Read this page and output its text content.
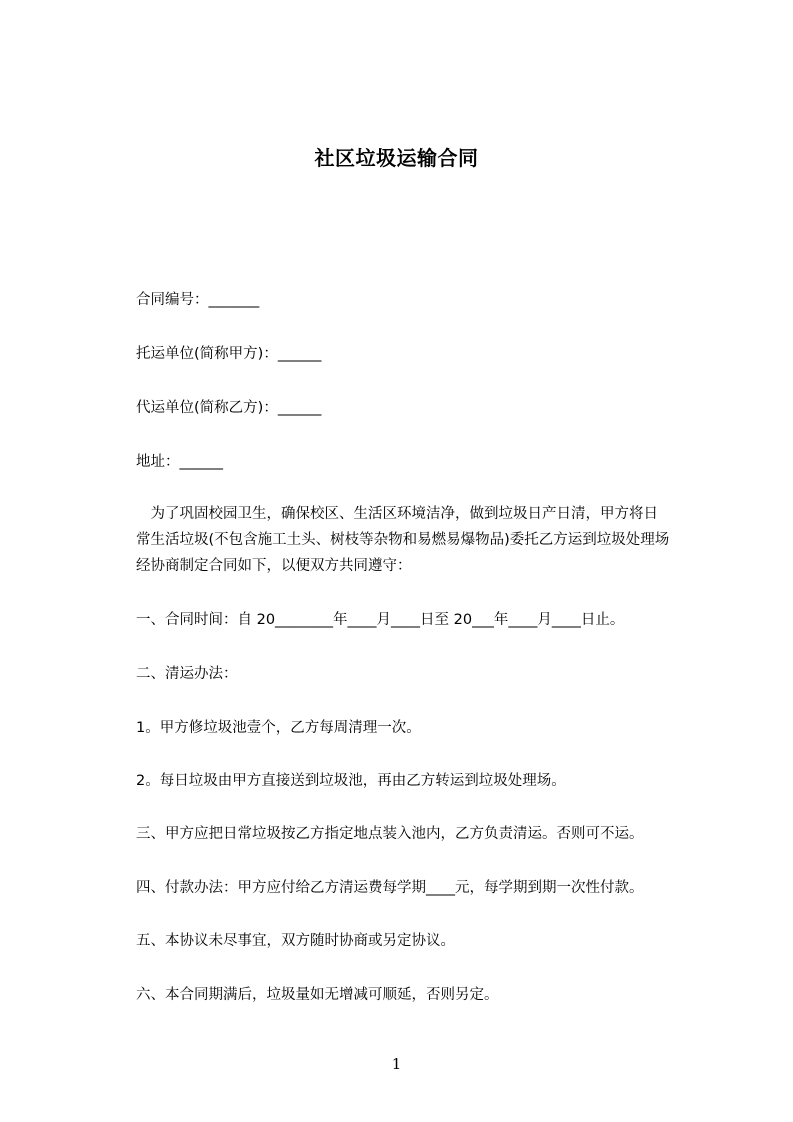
社区垃圾运输合同
合同编号：_______
托运单位(简称甲方)：______
代运单位(简称乙方)：______
地址：______
　为了巩固校园卫生，确保校区、生活区环境洁净，做到垃圾日产日清，甲方将日
常生活垃圾(不包含施工土头、树枝等杂物和易燃易爆物品)委托乙方运到垃圾处理场
经协商制定合同如下，以便双方共同遵守：
一、合同时间：自 20________年____月____日至 20___年____月____日止。
二、清运办法：
1。甲方修垃圾池壹个，乙方每周清理一次。
2。每日垃圾由甲方直接送到垃圾池，再由乙方转运到垃圾处理场。
三、甲方应把日常垃圾按乙方指定地点装入池内，乙方负责清运。否则可不运。
四、付款办法：甲方应付给乙方清运费每学期____元，每学期到期一次性付款。
五、本协议未尽事宜，双方随时协商或另定协议。
六、本合同期满后，垃圾量如无增减可顺延，否则另定。
1
